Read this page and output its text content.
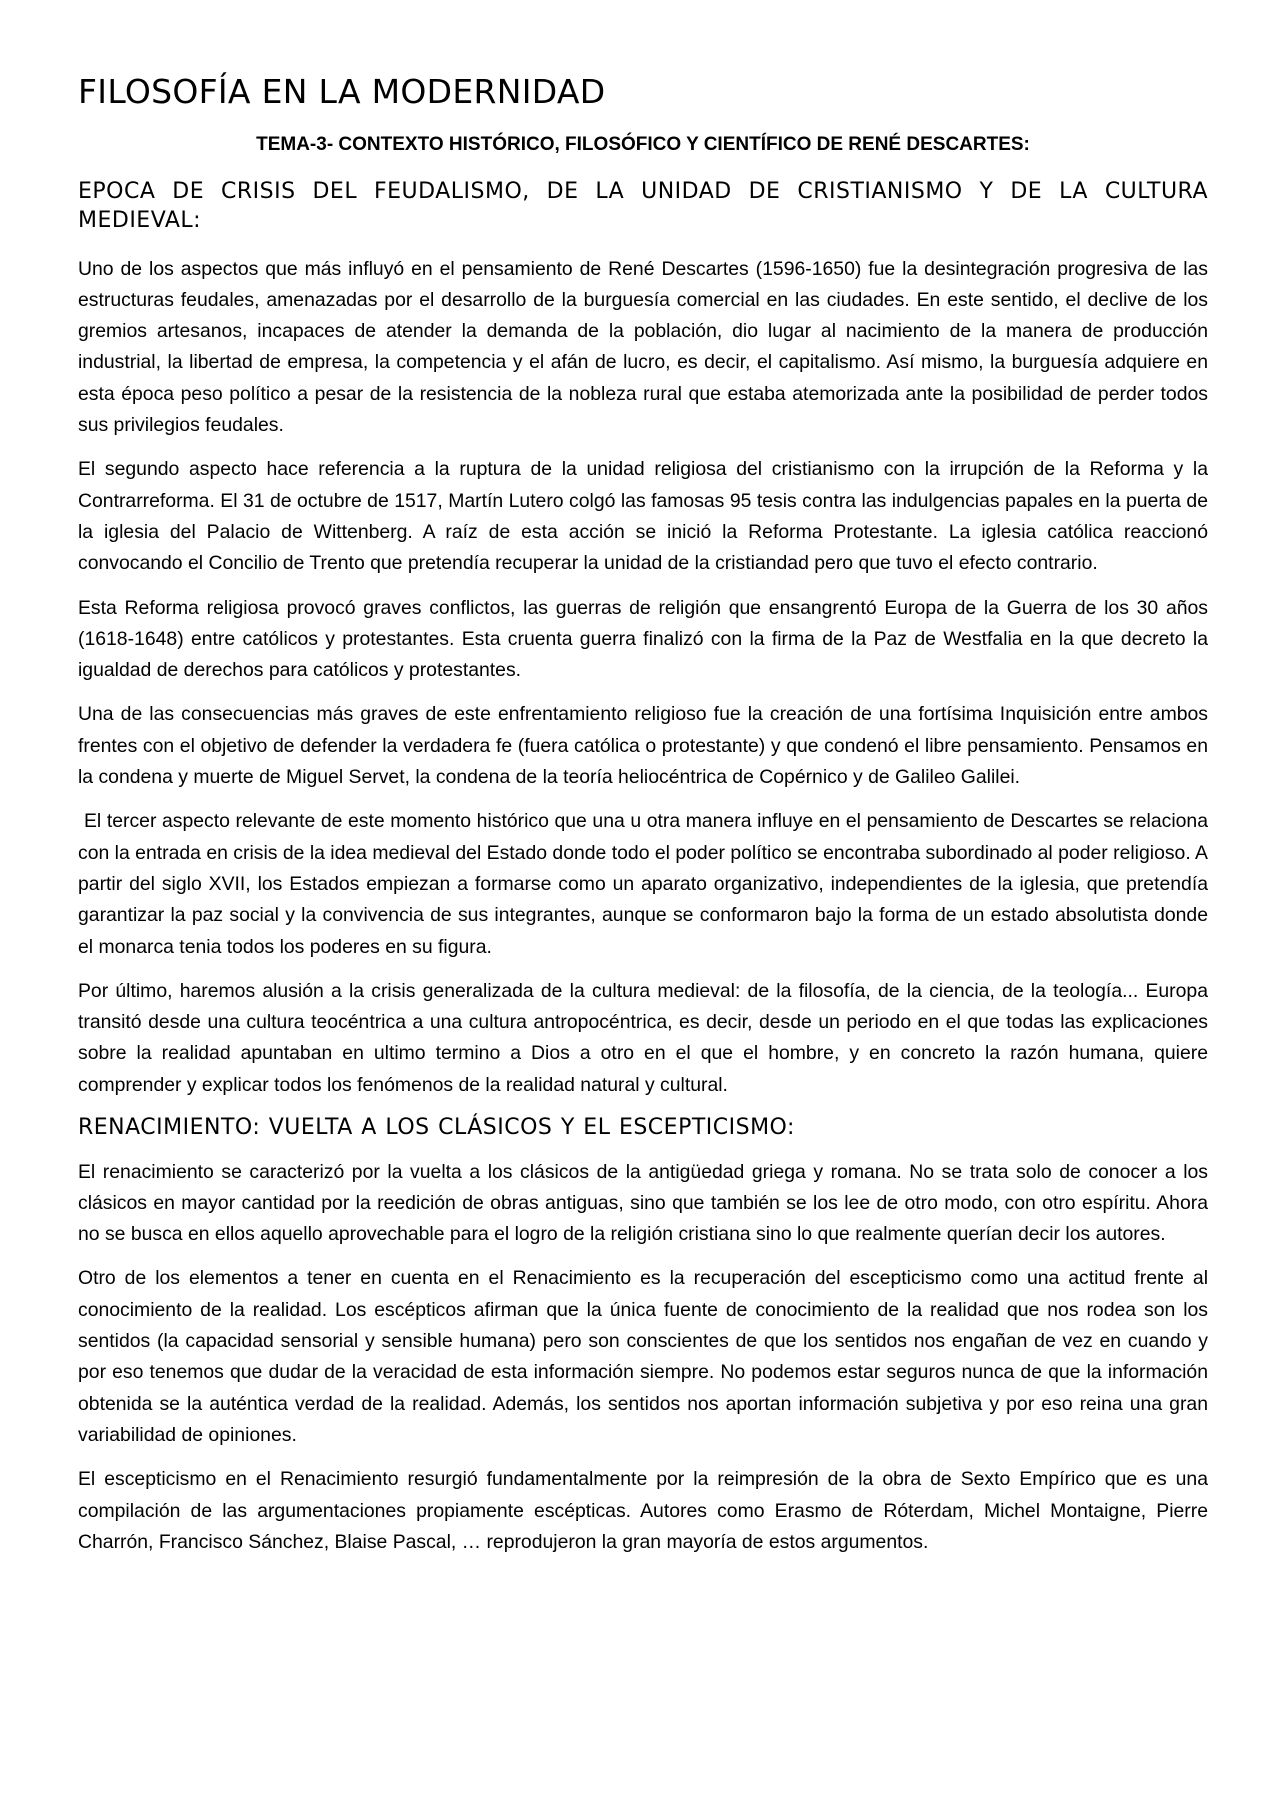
FILOSOFÍA EN LA MODERNIDAD

TEMA-3- CONTEXTO HISTÓRICO, FILOSÓFICO Y CIENTÍFICO DE RENÉ DESCARTES:

EPOCA DE CRISIS DEL FEUDALISMO, DE LA UNIDAD DE CRISTIANISMO Y DE LA CULTURA MEDIEVAL:

Uno de los aspectos que más influyó en el pensamiento de René Descartes (1596-1650) fue la desintegración progresiva de las estructuras feudales, amenazadas por el desarrollo de la burguesía comercial en las ciudades. En este sentido, el declive de los gremios artesanos, incapaces de atender la demanda de la población, dio lugar al nacimiento de la manera de producción industrial, la libertad de empresa, la competencia y el afán de lucro, es decir, el capitalismo. Así mismo, la burguesía adquiere en esta época peso político a pesar de la resistencia de la nobleza rural que estaba atemorizada ante la posibilidad de perder todos sus privilegios feudales.

El segundo aspecto hace referencia a la ruptura de la unidad religiosa del cristianismo con la irrupción de la Reforma y la Contrarreforma. El 31 de octubre de 1517, Martín Lutero colgó las famosas 95 tesis contra las indulgencias papales en la puerta de la iglesia del Palacio de Wittenberg. A raíz de esta acción se inició la Reforma Protestante. La iglesia católica reaccionó convocando el Concilio de Trento que pretendía recuperar la unidad de la cristiandad pero que tuvo el efecto contrario.

Esta Reforma religiosa provocó graves conflictos, las guerras de religión que ensangrentó Europa de la Guerra de los 30 años (1618-1648) entre católicos y protestantes. Esta cruenta guerra finalizó con la firma de la Paz de Westfalia en la que decreto la igualdad de derechos para católicos y protestantes.

Una de las consecuencias más graves de este enfrentamiento religioso fue la creación de una fortísima Inquisición entre ambos frentes con el objetivo de defender la verdadera fe (fuera católica o protestante) y que condenó el libre pensamiento. Pensamos en la condena y muerte de Miguel Servet, la condena de la teoría heliocéntrica de Copérnico y de Galileo Galilei.

El tercer aspecto relevante de este momento histórico que una u otra manera influye en el pensamiento de Descartes se relaciona con la entrada en crisis de la idea medieval del Estado donde todo el poder político se encontraba subordinado al poder religioso. A partir del siglo XVII, los Estados empiezan a formarse como un aparato organizativo, independientes de la iglesia, que pretendía garantizar la paz social y la convivencia de sus integrantes, aunque se conformaron bajo la forma de un estado absolutista donde el monarca tenia todos los poderes en su figura.

Por último, haremos alusión a la crisis generalizada de la cultura medieval: de la filosofía, de la ciencia, de la teología... Europa transitó desde una cultura teocéntrica a una cultura antropocéntrica, es decir, desde un periodo en el que todas las explicaciones sobre la realidad apuntaban en ultimo termino a Dios a otro en el que el hombre, y en concreto la razón humana, quiere comprender y explicar todos los fenómenos de la realidad natural y cultural.

RENACIMIENTO: VUELTA A LOS CLÁSICOS Y EL ESCEPTICISMO:

El renacimiento se caracterizó por la vuelta a los clásicos de la antigüedad griega y romana. No se trata solo de conocer a los clásicos en mayor cantidad por la reedición de obras antiguas, sino que también se los lee de otro modo, con otro espíritu. Ahora no se busca en ellos aquello aprovechable para el logro de la religión cristiana sino lo que realmente querían decir los autores.

Otro de los elementos a tener en cuenta en el Renacimiento es la recuperación del escepticismo como una actitud frente al conocimiento de la realidad. Los escépticos afirman que la única fuente de conocimiento de la realidad que nos rodea son los sentidos (la capacidad sensorial y sensible humana) pero son conscientes de que los sentidos nos engañan de vez en cuando y por eso tenemos que dudar de la veracidad de esta información siempre. No podemos estar seguros nunca de que la información obtenida se la auténtica verdad de la realidad. Además, los sentidos nos aportan información subjetiva y por eso reina una gran variabilidad de opiniones.

El escepticismo en el Renacimiento resurgió fundamentalmente por la reimpresión de la obra de Sexto Empírico que es una compilación de las argumentaciones propiamente escépticas. Autores como Erasmo de Róterdam, Michel Montaigne, Pierre Charrón, Francisco Sánchez, Blaise Pascal, … reprodujeron la gran mayoría de estos argumentos.
